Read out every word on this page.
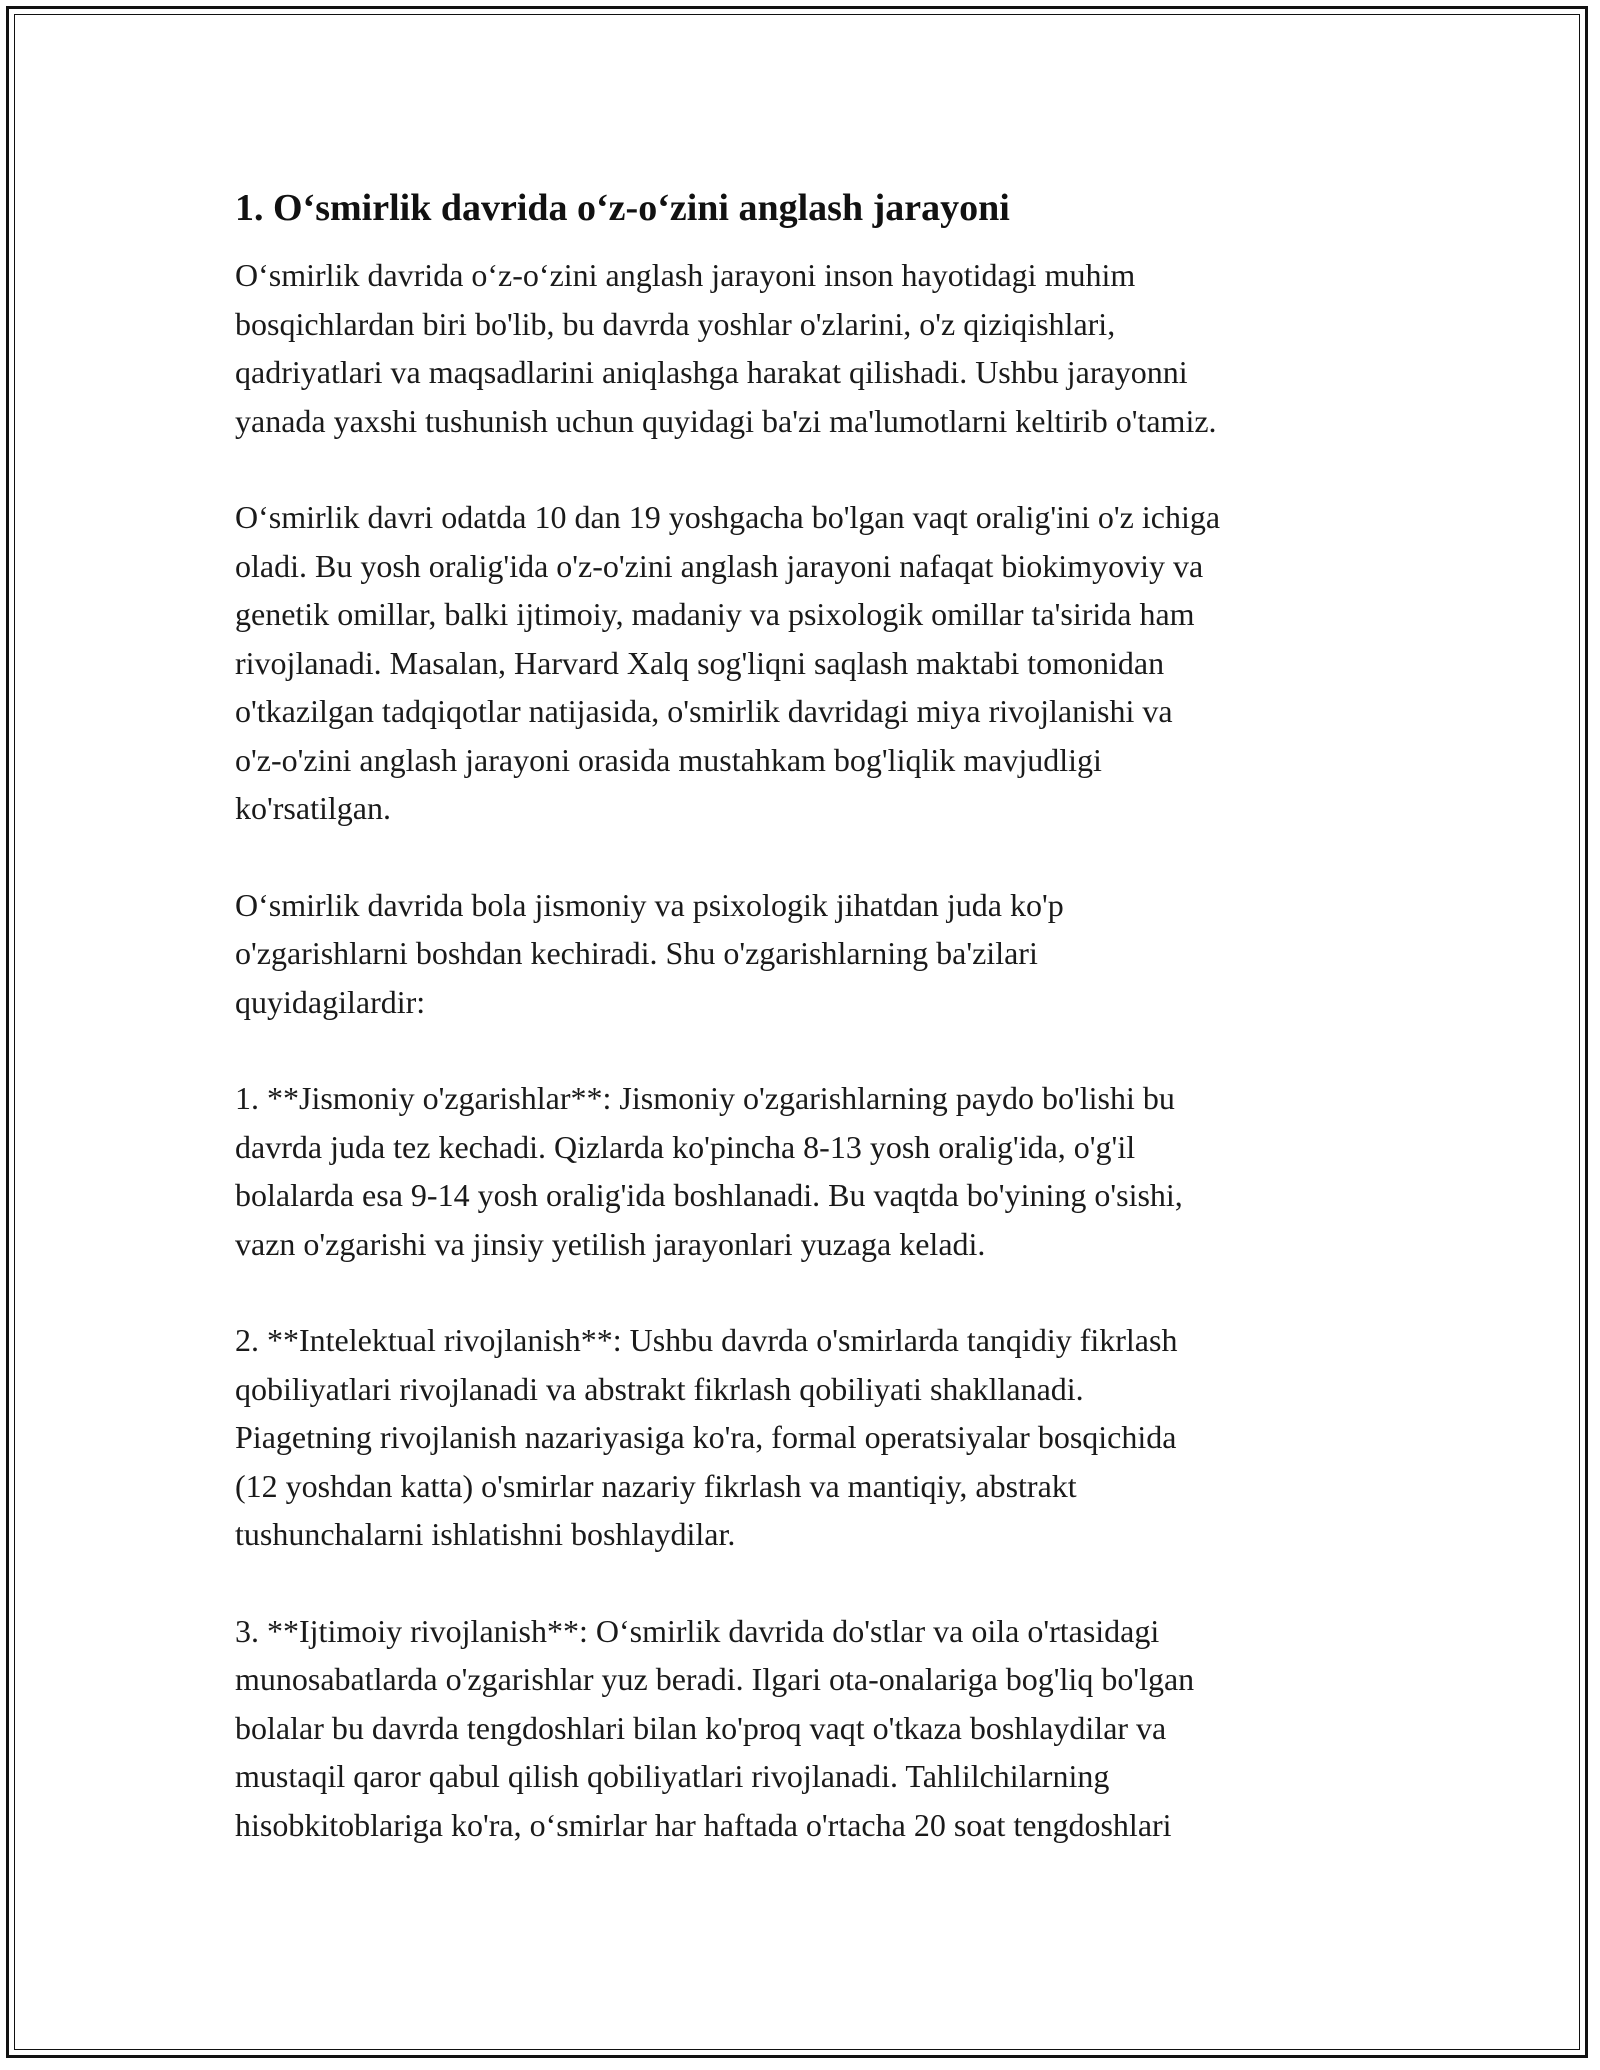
1. O‘smirlik davrida o‘z-o‘zini anglash jarayoni

O‘smirlik davrida o‘z-o‘zini anglash jarayoni inson hayotidagi muhim
bosqichlardan biri bo'lib, bu davrda yoshlar o'zlarini, o'z qiziqishlari,
qadriyatlari va maqsadlarini aniqlashga harakat qilishadi. Ushbu jarayonni
yanada yaxshi tushunish uchun quyidagi ba'zi ma'lumotlarni keltirib o'tamiz.

O‘smirlik davri odatda 10 dan 19 yoshgacha bo'lgan vaqt oralig'ini o'z ichiga
oladi. Bu yosh oralig'ida o'z-o'zini anglash jarayoni nafaqat biokimyoviy va
genetik omillar, balki ijtimoiy, madaniy va psixologik omillar ta'sirida ham
rivojlanadi. Masalan, Harvard Xalq sog'liqni saqlash maktabi tomonidan
o'tkazilgan tadqiqotlar natijasida, o'smirlik davridagi miya rivojlanishi va
o'z-o'zini anglash jarayoni orasida mustahkam bog'liqlik mavjudligi
ko'rsatilgan.

O‘smirlik davrida bola jismoniy va psixologik jihatdan juda ko'p
o'zgarishlarni boshdan kechiradi. Shu o'zgarishlarning ba'zilari
quyidagilardir:

1. **Jismoniy o'zgarishlar**: Jismoniy o'zgarishlarning paydo bo'lishi bu
davrda juda tez kechadi. Qizlarda ko'pincha 8-13 yosh oralig'ida, o'g'il
bolalarda esa 9-14 yosh oralig'ida boshlanadi. Bu vaqtda bo'yining o'sishi,
vazn o'zgarishi va jinsiy yetilish jarayonlari yuzaga keladi.

2. **Intelektual rivojlanish**: Ushbu davrda o'smirlarda tanqidiy fikrlash
qobiliyatlari rivojlanadi va abstrakt fikrlash qobiliyati shakllanadi.
Piagetning rivojlanish nazariyasiga ko'ra, formal operatsiyalar bosqichida
(12 yoshdan katta) o'smirlar nazariy fikrlash va mantiqiy, abstrakt
tushunchalarni ishlatishni boshlaydilar.

3. **Ijtimoiy rivojlanish**: O‘smirlik davrida do'stlar va oila o'rtasidagi
munosabatlarda o'zgarishlar yuz beradi. Ilgari ota-onalariga bog'liq bo'lgan
bolalar bu davrda tengdoshlari bilan ko'proq vaqt o'tkaza boshlaydilar va
mustaqil qaror qabul qilish qobiliyatlari rivojlanadi. Tahlilchilarning
hisobkitoblariga ko'ra, o‘smirlar har haftada o'rtacha 20 soat tengdoshlari
